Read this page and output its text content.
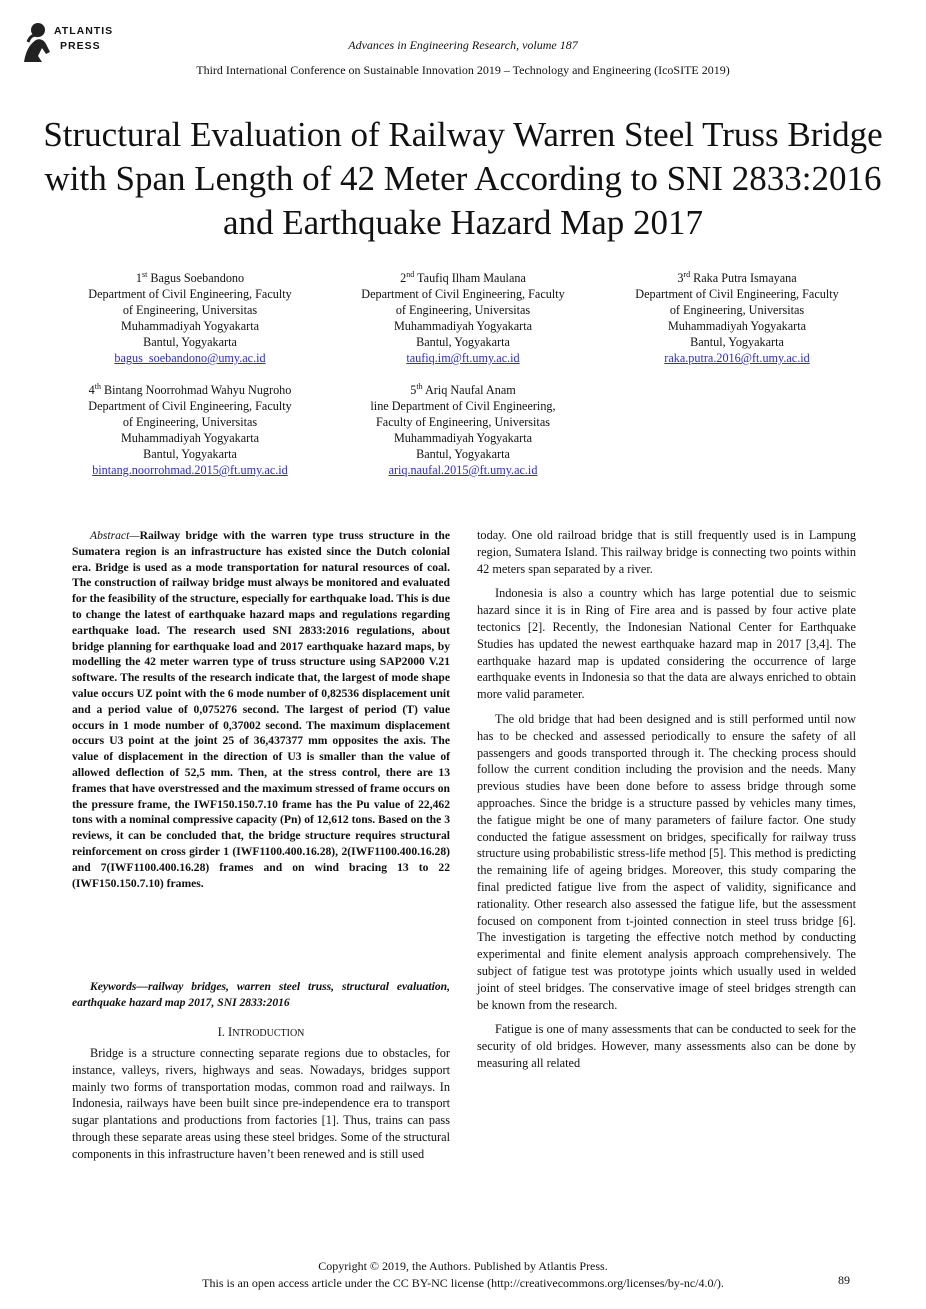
ATLANTIS
PRESS	Advances in Engineering Research, volume 187
Third International Conference on Sustainable Innovation 2019 – Technology and Engineering (IcoSITE 2019)
Structural Evaluation of Railway Warren Steel Truss Bridge with Span Length of 42 Meter According to SNI 2833:2016 and Earthquake Hazard Map 2017
1st Bagus Soebandono
Department of Civil Engineering, Faculty
of Engineering, Universitas
Muhammadiyah Yogyakarta
Bantul, Yogyakarta
bagus_soebandono@umy.ac.id
2nd Taufiq Ilham Maulana
Department of Civil Engineering, Faculty
of Engineering, Universitas
Muhammadiyah Yogyakarta
Bantul, Yogyakarta
taufiq.im@ft.umy.ac.id
3rd Raka Putra Ismayana
Department of Civil Engineering, Faculty
of Engineering, Universitas
Muhammadiyah Yogyakarta
Bantul, Yogyakarta
raka.putra.2016@ft.umy.ac.id
4th Bintang Noorrohmad Wahyu Nugroho
Department of Civil Engineering, Faculty
of Engineering, Universitas
Muhammadiyah Yogyakarta
Bantul, Yogyakarta
bintang.noorrohmad.2015@ft.umy.ac.id
5th Ariq Naufal Anam
line Department of Civil Engineering,
Faculty of Engineering, Universitas
Muhammadiyah Yogyakarta
Bantul, Yogyakarta
ariq.naufal.2015@ft.umy.ac.id
Abstract—Railway bridge with the warren type truss structure in the Sumatera region is an infrastructure has existed since the Dutch colonial era. Bridge is used as a mode transportation for natural resources of coal. The construction of railway bridge must always be monitored and evaluated for the feasibility of the structure, especially for earthquake load. This is due to change the latest of earthquake hazard maps and regulations regarding earthquake load. The research used SNI 2833:2016 regulations, about bridge planning for earthquake load and 2017 earthquake hazard maps, by modelling the 42 meter warren type of truss structure using SAP2000 V.21 software. The results of the research indicate that, the largest of mode shape value occurs UZ point with the 6 mode number of 0,82536 displacement unit and a period value of 0,075276 second. The largest of period (T) value occurs in 1 mode number of 0,37002 second. The maximum displacement occurs U3 point at the joint 25 of 36,437377 mm opposites the axis. The value of displacement in the direction of U3 is smaller than the value of allowed deflection of 52,5 mm. Then, at the stress control, there are 13 frames that have overstressed and the maximum stressed of frame occurs on the pressure frame, the IWF150.150.7.10 frame has the Pu value of 22,462 tons with a nominal compressive capacity (Pn) of 12,612 tons. Based on the 3 reviews, it can be concluded that, the bridge structure requires structural reinforcement on cross girder 1 (IWF1100.400.16.28), 2(IWF1100.400.16.28) and 7(IWF1100.400.16.28) frames and on wind bracing 13 to 22 (IWF150.150.7.10) frames.
Keywords—railway bridges, warren steel truss, structural evaluation, earthquake hazard map 2017, SNI 2833:2016
I. INTRODUCTION

Bridge is a structure connecting separate regions due to obstacles, for instance, valleys, rivers, highways and seas. Nowadays, bridges support mainly two forms of transportation modas, common road and railways. In Indonesia, railways have been built since pre-independence era to transport sugar plantations and productions from factories [1]. Thus, trains can pass through these separate areas using these steel bridges. Some of the structural components in this infrastructure haven’t been renewed and is still used

today. One old railroad bridge that is still frequently used is in Lampung region, Sumatera Island. This railway bridge is connecting two points within 42 meters span separated by a river.

Indonesia is also a country which has large potential due to seismic hazard since it is in Ring of Fire area and is passed by four active plate tectonics [2]. Recently, the Indonesian National Center for Earthquake Studies has updated the newest earthquake hazard map in 2017 [3,4]. The earthquake hazard map is updated considering the occurrence of large earthquake events in Indonesia so that the data are always enriched to obtain more valid parameter.

The old bridge that had been designed and is still performed until now has to be checked and assessed periodically to ensure the safety of all passengers and goods transported through it. The checking process should follow the current condition including the provision and the needs. Many previous studies have been done before to assess bridge through some approaches. Since the bridge is a structure passed by vehicles many times, the fatigue might be one of many parameters of failure factor. One study conducted the fatigue assessment on bridges, specifically for railway truss structure using probabilistic stress-life method [5]. This method is predicting the remaining life of ageing bridges. Moreover, this study comparing the final predicted fatigue live from the aspect of validity, significance and rationality. Other research also assessed the fatigue life, but the assessment focused on component from t-jointed connection in steel truss bridge [6]. The investigation is targeting the effective notch method by conducting experimental and finite element analysis approach comprehensively. The subject of fatigue test was prototype joints which usually used in welded joint of steel bridges. The conservative image of steel bridges strength can be known from the research.

Fatigue is one of many assessments that can be conducted to seek for the security of old bridges. However, many assessments also can be done by measuring all related

Copyright © 2019, the Authors. Published by Atlantis Press.
This is an open access article under the CC BY-NC license (http://creativecommons.org/licenses/by-nc/4.0/).	89
